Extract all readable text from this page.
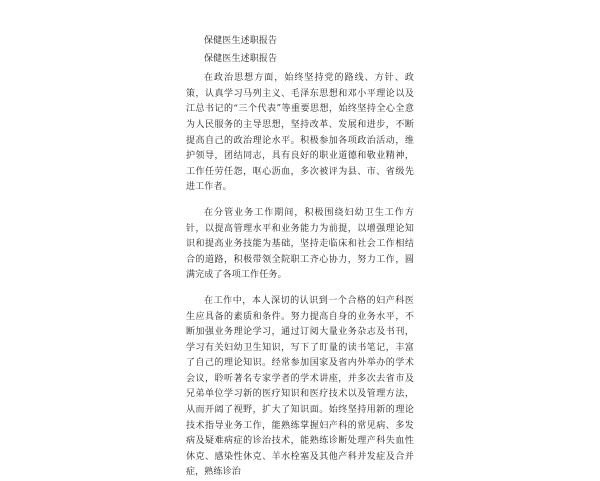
保健医生述职报告
保健医生述职报告

在政治思想方面，始终坚持党的路线、方针、政策，认真学习马列主义、毛泽东思想和邓小平理论以及江总书记的“三个代表”等重要思想，始终坚持全心全意为人民服务的主导思想，坚持改革、发展和进步，不断提高自己的政治理论水平。积极参加各项政治活动，维护领导，团结同志，具有良好的职业道德和敬业精神，工作任劳任怨，呕心沥血，多次被评为县、市、省级先进工作者。

在分管业务工作期间，积极围绕妇幼卫生工作方针，以提高管理水平和业务能力为前提，以增强理论知识和提高业务技能为基础，坚持走临床和社会工作相结合的道路，积极带领全院职工齐心协力，努力工作，圆满完成了各项工作任务。

在工作中，本人深切的认识到一个合格的妇产科医生应具备的素质和条件。努力提高自身的业务水平，不断加强业务理论学习，通过订阅大量业务杂志及书刊，学习有关妇幼卫生知识，写下了盯量的读书笔记，丰富了自己的理论知识。经常参加国家及省内外举办的学术会议，聆听著名专家学者的学术讲座，并多次去省市及兄弟单位学习新的医疗知识和医疗技术以及管理方法，从而开阔了视野，扩大了知识面。始终坚持用新的理论技术指导业务工作，能熟练掌握妇产科的常见病、多发病及疑难病症的诊治技术，能熟练诊断处理产科失血性休克、感染性休克、羊水栓塞及其他产科并发症及合并症，熟练诊治
